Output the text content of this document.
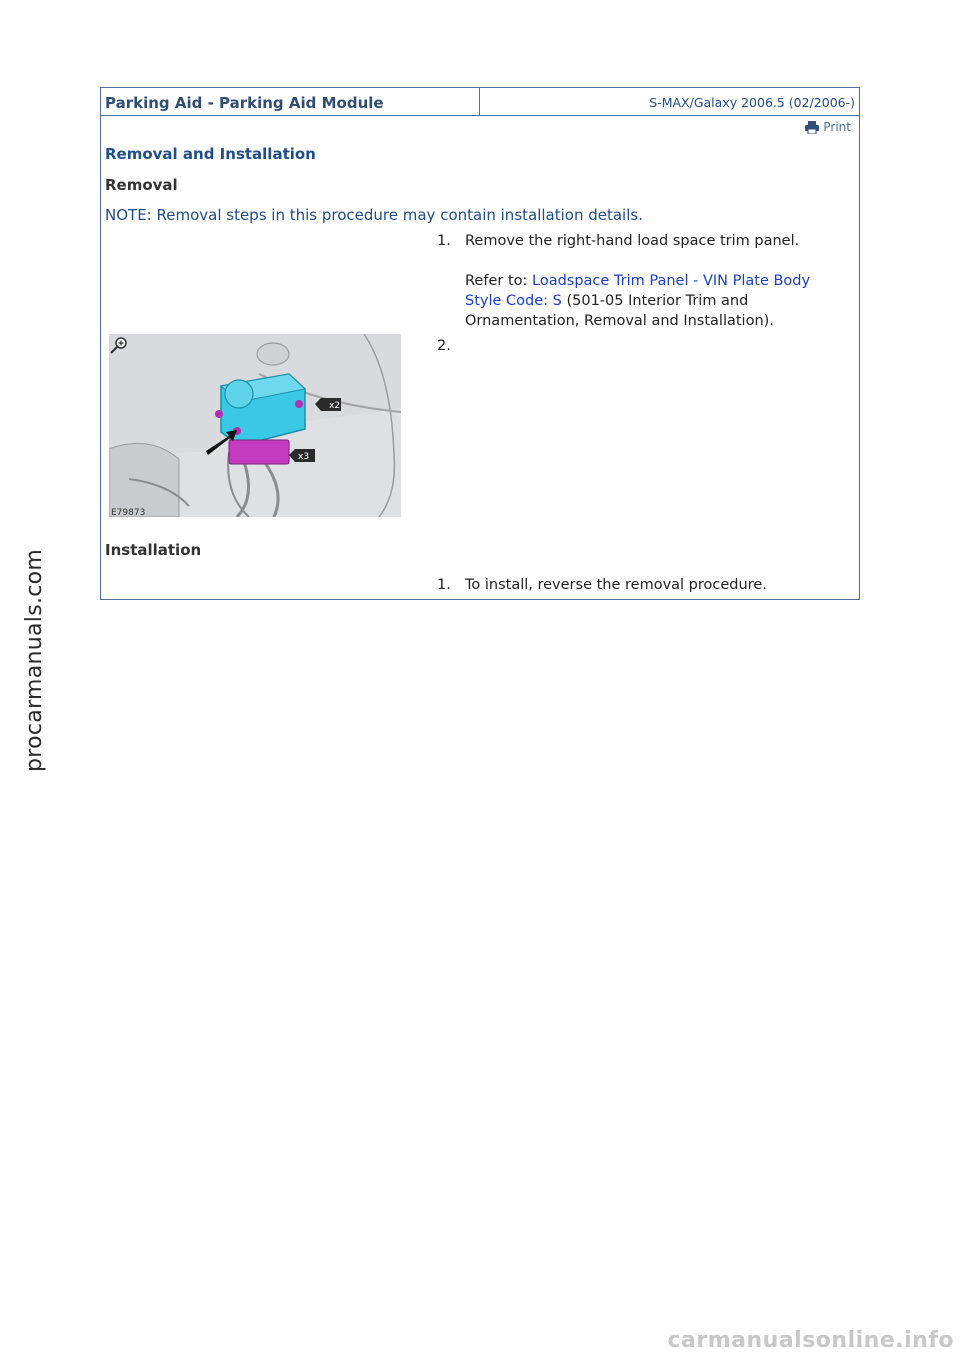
Parking Aid - Parking Aid Module	S-MAX/Galaxy 2006.5 (02/2006-)
Print
Removal and Installation
Removal
NOTE: Removal steps in this procedure may contain installation details.
1. Remove the right-hand load space trim panel.
Refer to: Loadspace Trim Panel - VIN Plate Body
Style Code: S (501-05 Interior Trim and
Ornamentation, Removal and Installation).
2.
x2
x3
E79873
Installation
1. To install, reverse the removal procedure.
procarmanuals.com
carmanualsonline.info
